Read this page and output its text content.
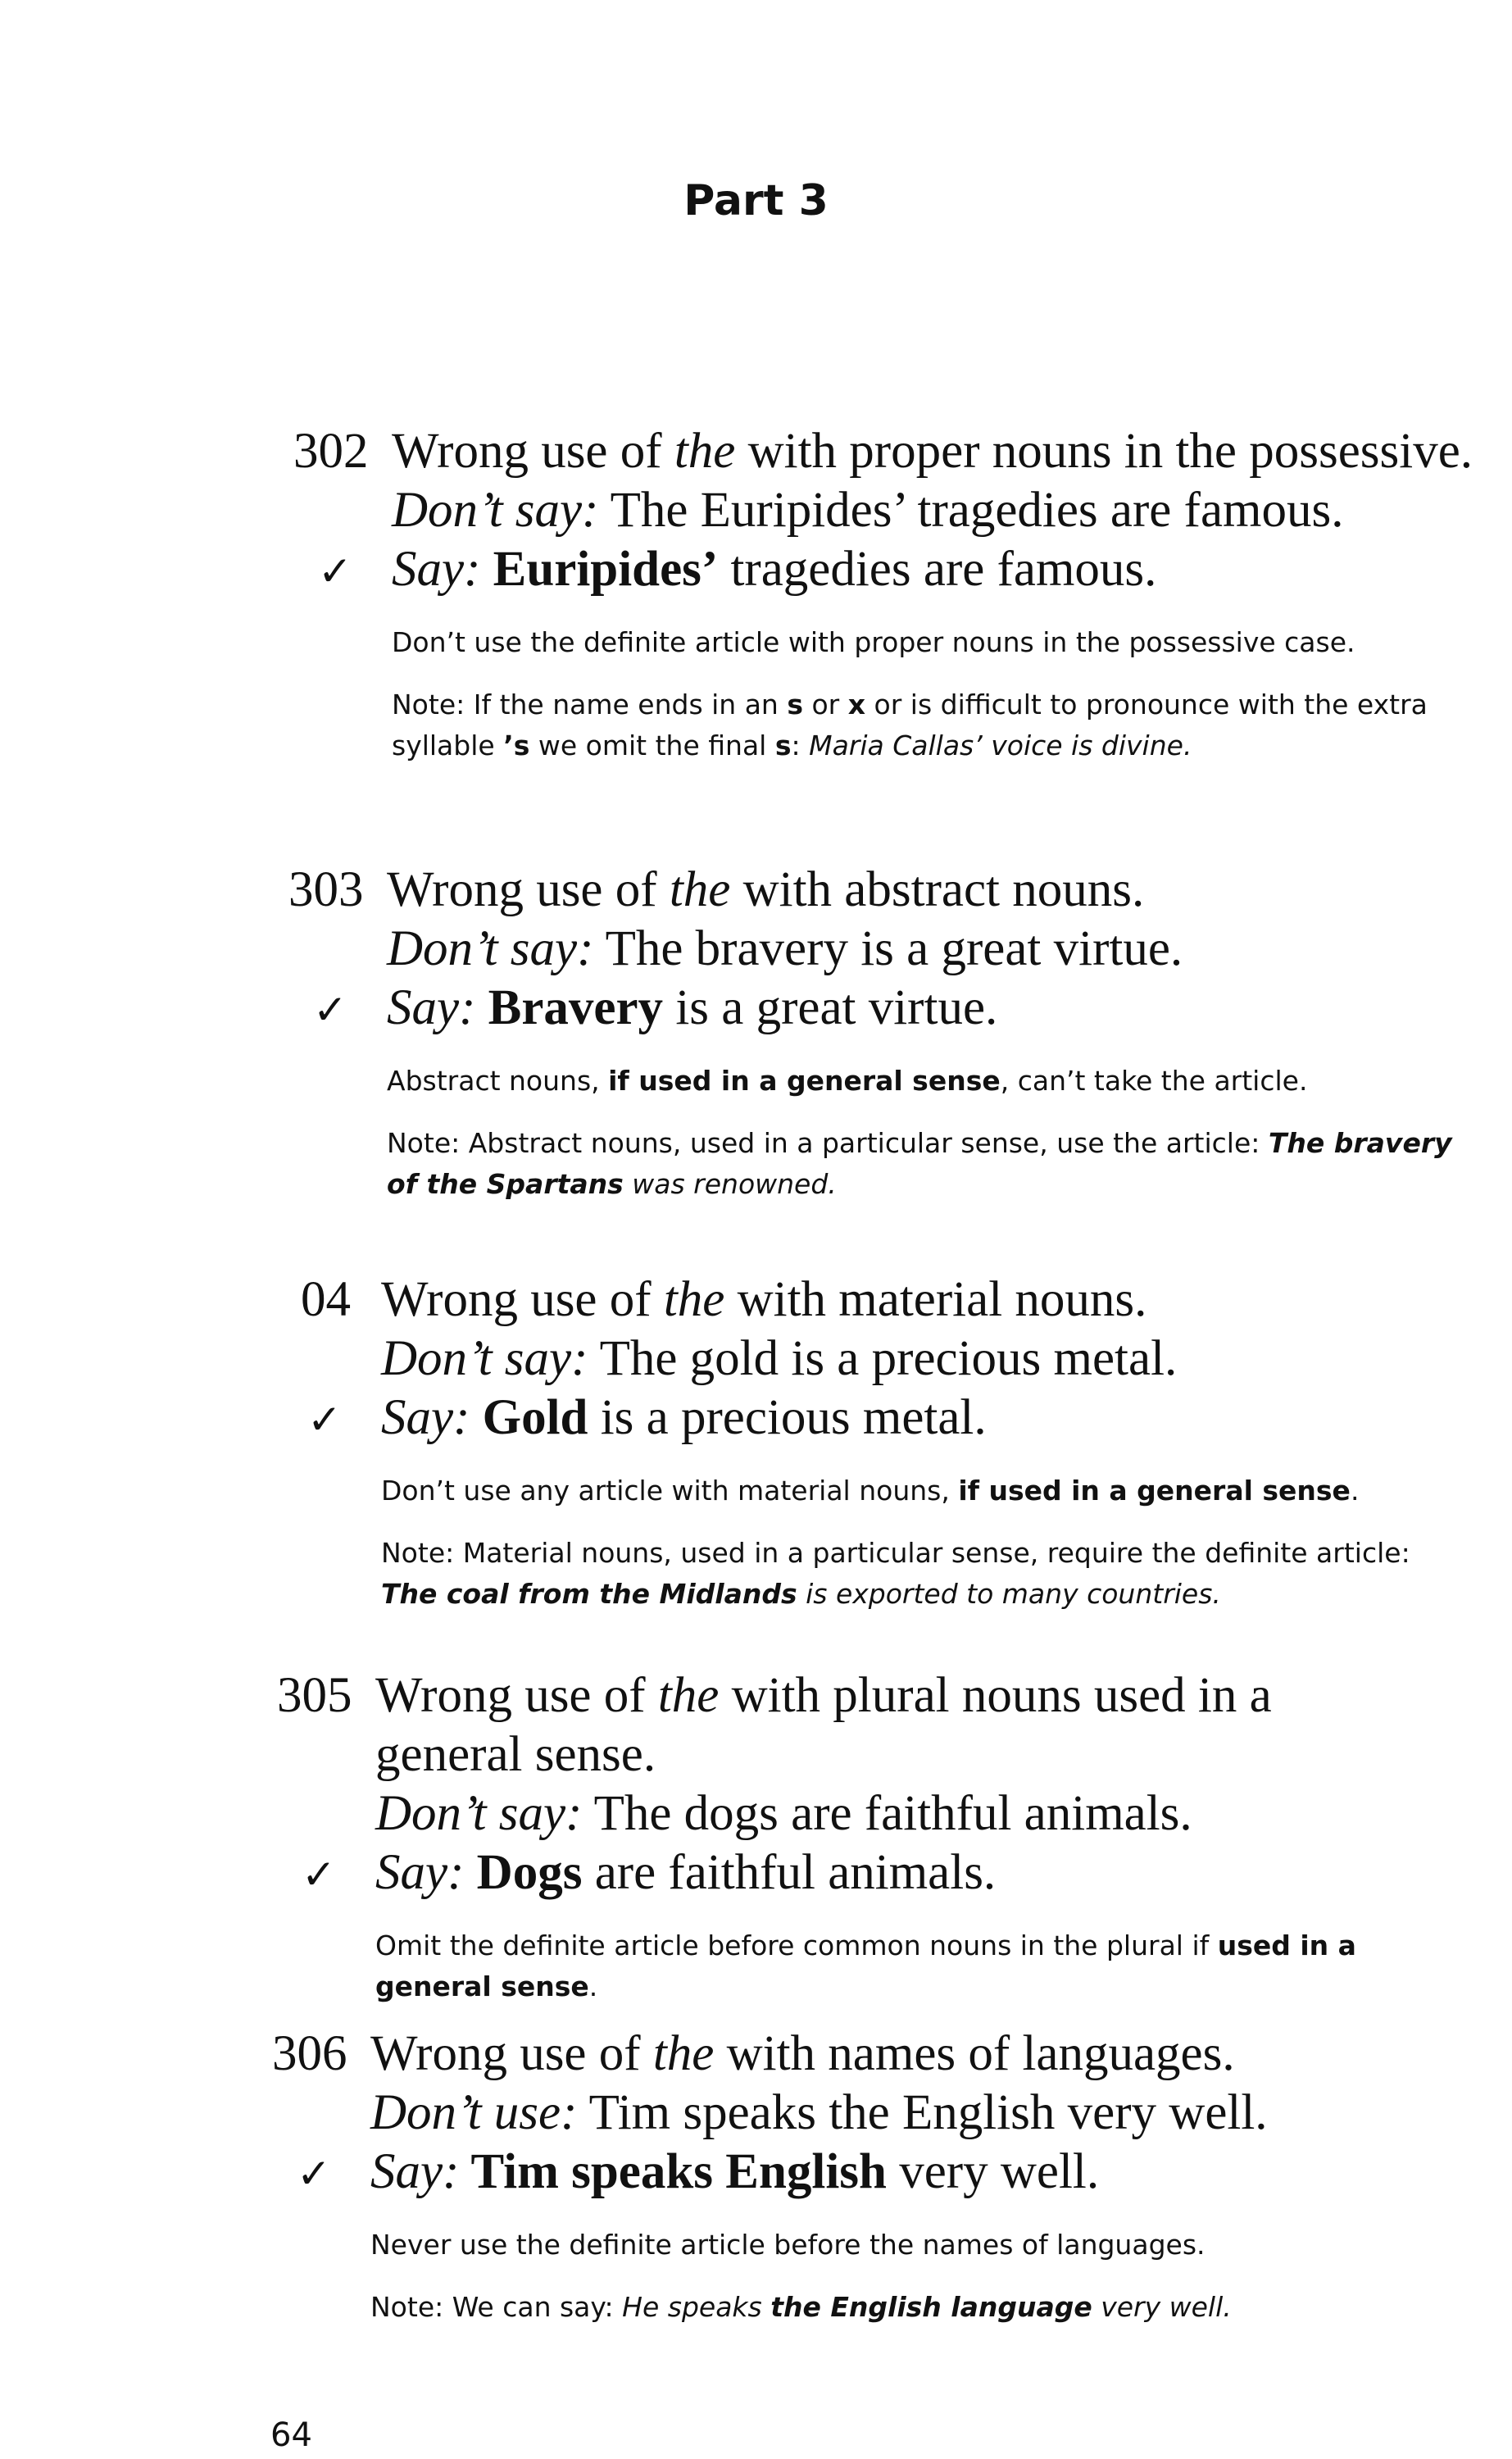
Part 3
302 Wrong use of the with proper nouns in the possessive.
Don’t say: The Euripides’ tragedies are famous.
✓ Say: Euripides’ tragedies are famous.
Don’t use the definite article with proper nouns in the possessive case.
Note: If the name ends in an s or x or is difficult to pronounce with the extra
syllable ’s we omit the final s: Maria Callas’ voice is divine.
303 Wrong use of the with abstract nouns.
Don’t say: The bravery is a great virtue.
✓ Say: Bravery is a great virtue.
Abstract nouns, if used in a general sense, can’t take the article.
Note: Abstract nouns, used in a particular sense, use the article: The bravery
of the Spartans was renowned.
04 Wrong use of the with material nouns.
Don’t say: The gold is a precious metal.
✓ Say: Gold is a precious metal.
Don’t use any article with material nouns, if used in a general sense.
Note: Material nouns, used in a particular sense, require the definite article:
The coal from the Midlands is exported to many countries.
305 Wrong use of the with plural nouns used in a
general sense.
Don’t say: The dogs are faithful animals.
✓ Say: Dogs are faithful animals.
Omit the definite article before common nouns in the plural if used in a
general sense.
306 Wrong use of the with names of languages.
Don’t use: Tim speaks the English very well.
✓ Say: Tim speaks English very well.
Never use the definite article before the names of languages.
Note: We can say: He speaks the English language very well.
64
